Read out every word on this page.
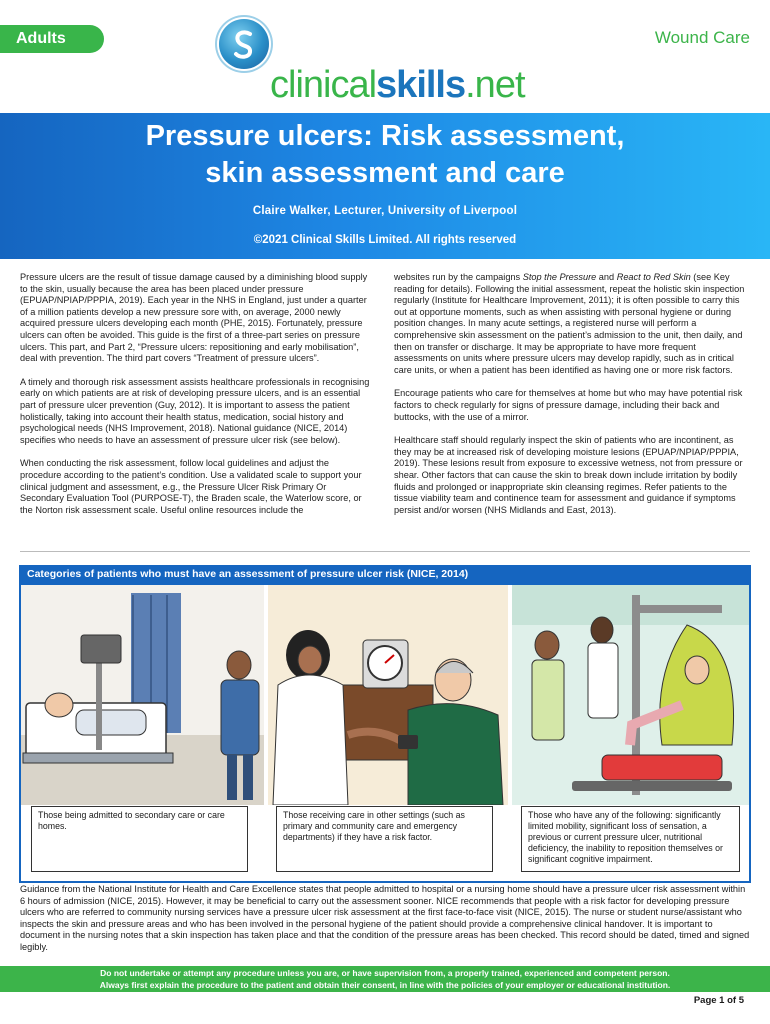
Adults	Wound Care
clinicalskills.net
Pressure ulcers: Risk assessment,
skin assessment and care
Claire Walker, Lecturer, University of Liverpool
©2021 Clinical Skills Limited. All rights reserved

Pressure ulcers are the result of tissue damage caused by a diminishing blood supply to the skin, usually because the area has been placed under pressure (EPUAP/NPIAP/PPPIA, 2019). Each year in the NHS in England, just under a quarter of a million patients develop a new pressure sore with, on average, 2000 newly acquired pressure ulcers developing each month (PHE, 2015). Fortunately, pressure ulcers can often be avoided. This guide is the first of a three-part series on pressure ulcers. This part, and Part 2, “Pressure ulcers: repositioning and early mobilisation”, deal with prevention. The third part covers “Treatment of pressure ulcers”.

A timely and thorough risk assessment assists healthcare professionals in recognising early on which patients are at risk of developing pressure ulcers, and is an essential part of pressure ulcer prevention (Guy, 2012). It is important to assess the patient holistically, taking into account their health status, medication, social history and psychological needs (NHS Improvement, 2018). National guidance (NICE, 2014) specifies who needs to have an assessment of pressure ulcer risk (see below).

When conducting the risk assessment, follow local guidelines and adjust the procedure according to the patient’s condition. Use a validated scale to support your clinical judgment and assessment, e.g., the Pressure Ulcer Risk Primary Or Secondary Evaluation Tool (PURPOSE-T), the Braden scale, the Waterlow score, or the Norton risk assessment scale. Useful online resources include the

websites run by the campaigns Stop the Pressure and React to Red Skin (see Key reading for details). Following the initial assessment, repeat the holistic skin inspection regularly (Institute for Healthcare Improvement, 2011); it is often possible to carry this out at opportune moments, such as when assisting with personal hygiene or during position changes. In many acute settings, a registered nurse will perform a comprehensive skin assessment on the patient’s admission to the unit, then daily, and then on transfer or discharge. It may be appropriate to have more frequent assessments on units where pressure ulcers may develop rapidly, such as in critical care units, or when a patient has been identified as having one or more risk factors.

Encourage patients who care for themselves at home but who may have potential risk factors to check regularly for signs of pressure damage, including their back and buttocks, with the use of a mirror.

Healthcare staff should regularly inspect the skin of patients who are incontinent, as they may be at increased risk of developing moisture lesions (EPUAP/NPIAP/PPPIA, 2019). These lesions result from exposure to excessive wetness, not from pressure or shear. Other factors that can cause the skin to break down include irritation by bodily fluids and prolonged or inappropriate skin cleansing regimes. Refer patients to the tissue viability team and continence team for assessment and guidance if symptoms persist and/or worsen (NHS Midlands and East, 2013).

Categories of patients who must have an assessment of pressure ulcer risk (NICE, 2014)
Those being admitted to secondary care or care homes.
Those receiving care in other settings (such as primary and community care and emergency departments) if they have a risk factor.
Those who have any of the following: significantly limited mobility, significant loss of sensation, a previous or current pressure ulcer, nutritional deficiency, the inability to reposition themselves or significant cognitive impairment.
Guidance from the National Institute for Health and Care Excellence states that people admitted to hospital or a nursing home should have a pressure ulcer risk assessment within 6 hours of admission (NICE, 2015). However, it may be beneficial to carry out the assessment sooner. NICE recommends that people with a risk factor for developing pressure ulcers who are referred to community nursing services have a pressure ulcer risk assessment at the first face-to-face visit (NICE, 2015). The nurse or student nurse/assistant who inspects the skin and pressure areas and who has been involved in the personal hygiene of the patient should provide a comprehensive clinical handover. It is important to document in the nursing notes that a skin inspection has taken place and that the condition of the pressure areas has been checked. This record should be dated, timed and signed legibly.
Do not undertake or attempt any procedure unless you are, or have supervision from, a properly trained, experienced and competent person.
Always first explain the procedure to the patient and obtain their consent, in line with the policies of your employer or educational institution.
Page 1 of 5
